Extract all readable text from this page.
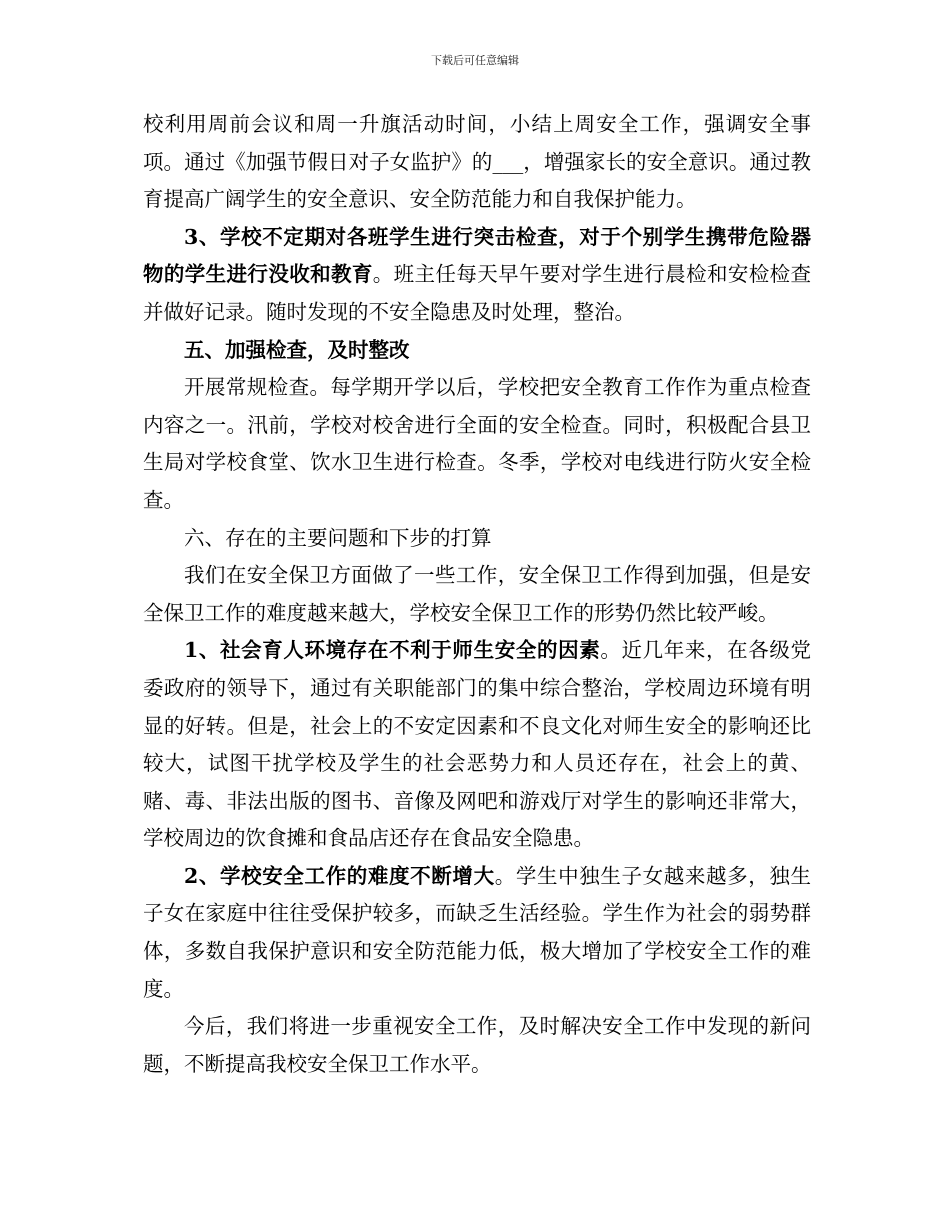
下载后可任意编辑

校利用周前会议和周一升旗活动时间，小结上周安全工作，强调安全事项。通过《加强节假日对子女监护》的___，增强家长的安全意识。通过教育提高广阔学生的安全意识、安全防范能力和自我保护能力。

3、学校不定期对各班学生进行突击检查，对于个别学生携带危险器物的学生进行没收和教育。班主任每天早午要对学生进行晨检和安检检查并做好记录。随时发现的不安全隐患及时处理，整治。

五、加强检查，及时整改

开展常规检查。每学期开学以后，学校把安全教育工作作为重点检查内容之一。汛前，学校对校舍进行全面的安全检查。同时，积极配合县卫生局对学校食堂、饮水卫生进行检查。冬季，学校对电线进行防火安全检查。

六、存在的主要问题和下步的打算

我们在安全保卫方面做了一些工作，安全保卫工作得到加强，但是安全保卫工作的难度越来越大，学校安全保卫工作的形势仍然比较严峻。

1、社会育人环境存在不利于师生安全的因素。近几年来，在各级党委政府的领导下，通过有关职能部门的集中综合整治，学校周边环境有明显的好转。但是，社会上的不安定因素和不良文化对师生安全的影响还比较大，试图干扰学校及学生的社会恶势力和人员还存在，社会上的黄、赌、毒、非法出版的图书、音像及网吧和游戏厅对学生的影响还非常大，学校周边的饮食摊和食品店还存在食品安全隐患。

2、学校安全工作的难度不断增大。学生中独生子女越来越多，独生子女在家庭中往往受保护较多，而缺乏生活经验。学生作为社会的弱势群体，多数自我保护意识和安全防范能力低，极大增加了学校安全工作的难度。

今后，我们将进一步重视安全工作，及时解决安全工作中发现的新问题，不断提高我校安全保卫工作水平。
